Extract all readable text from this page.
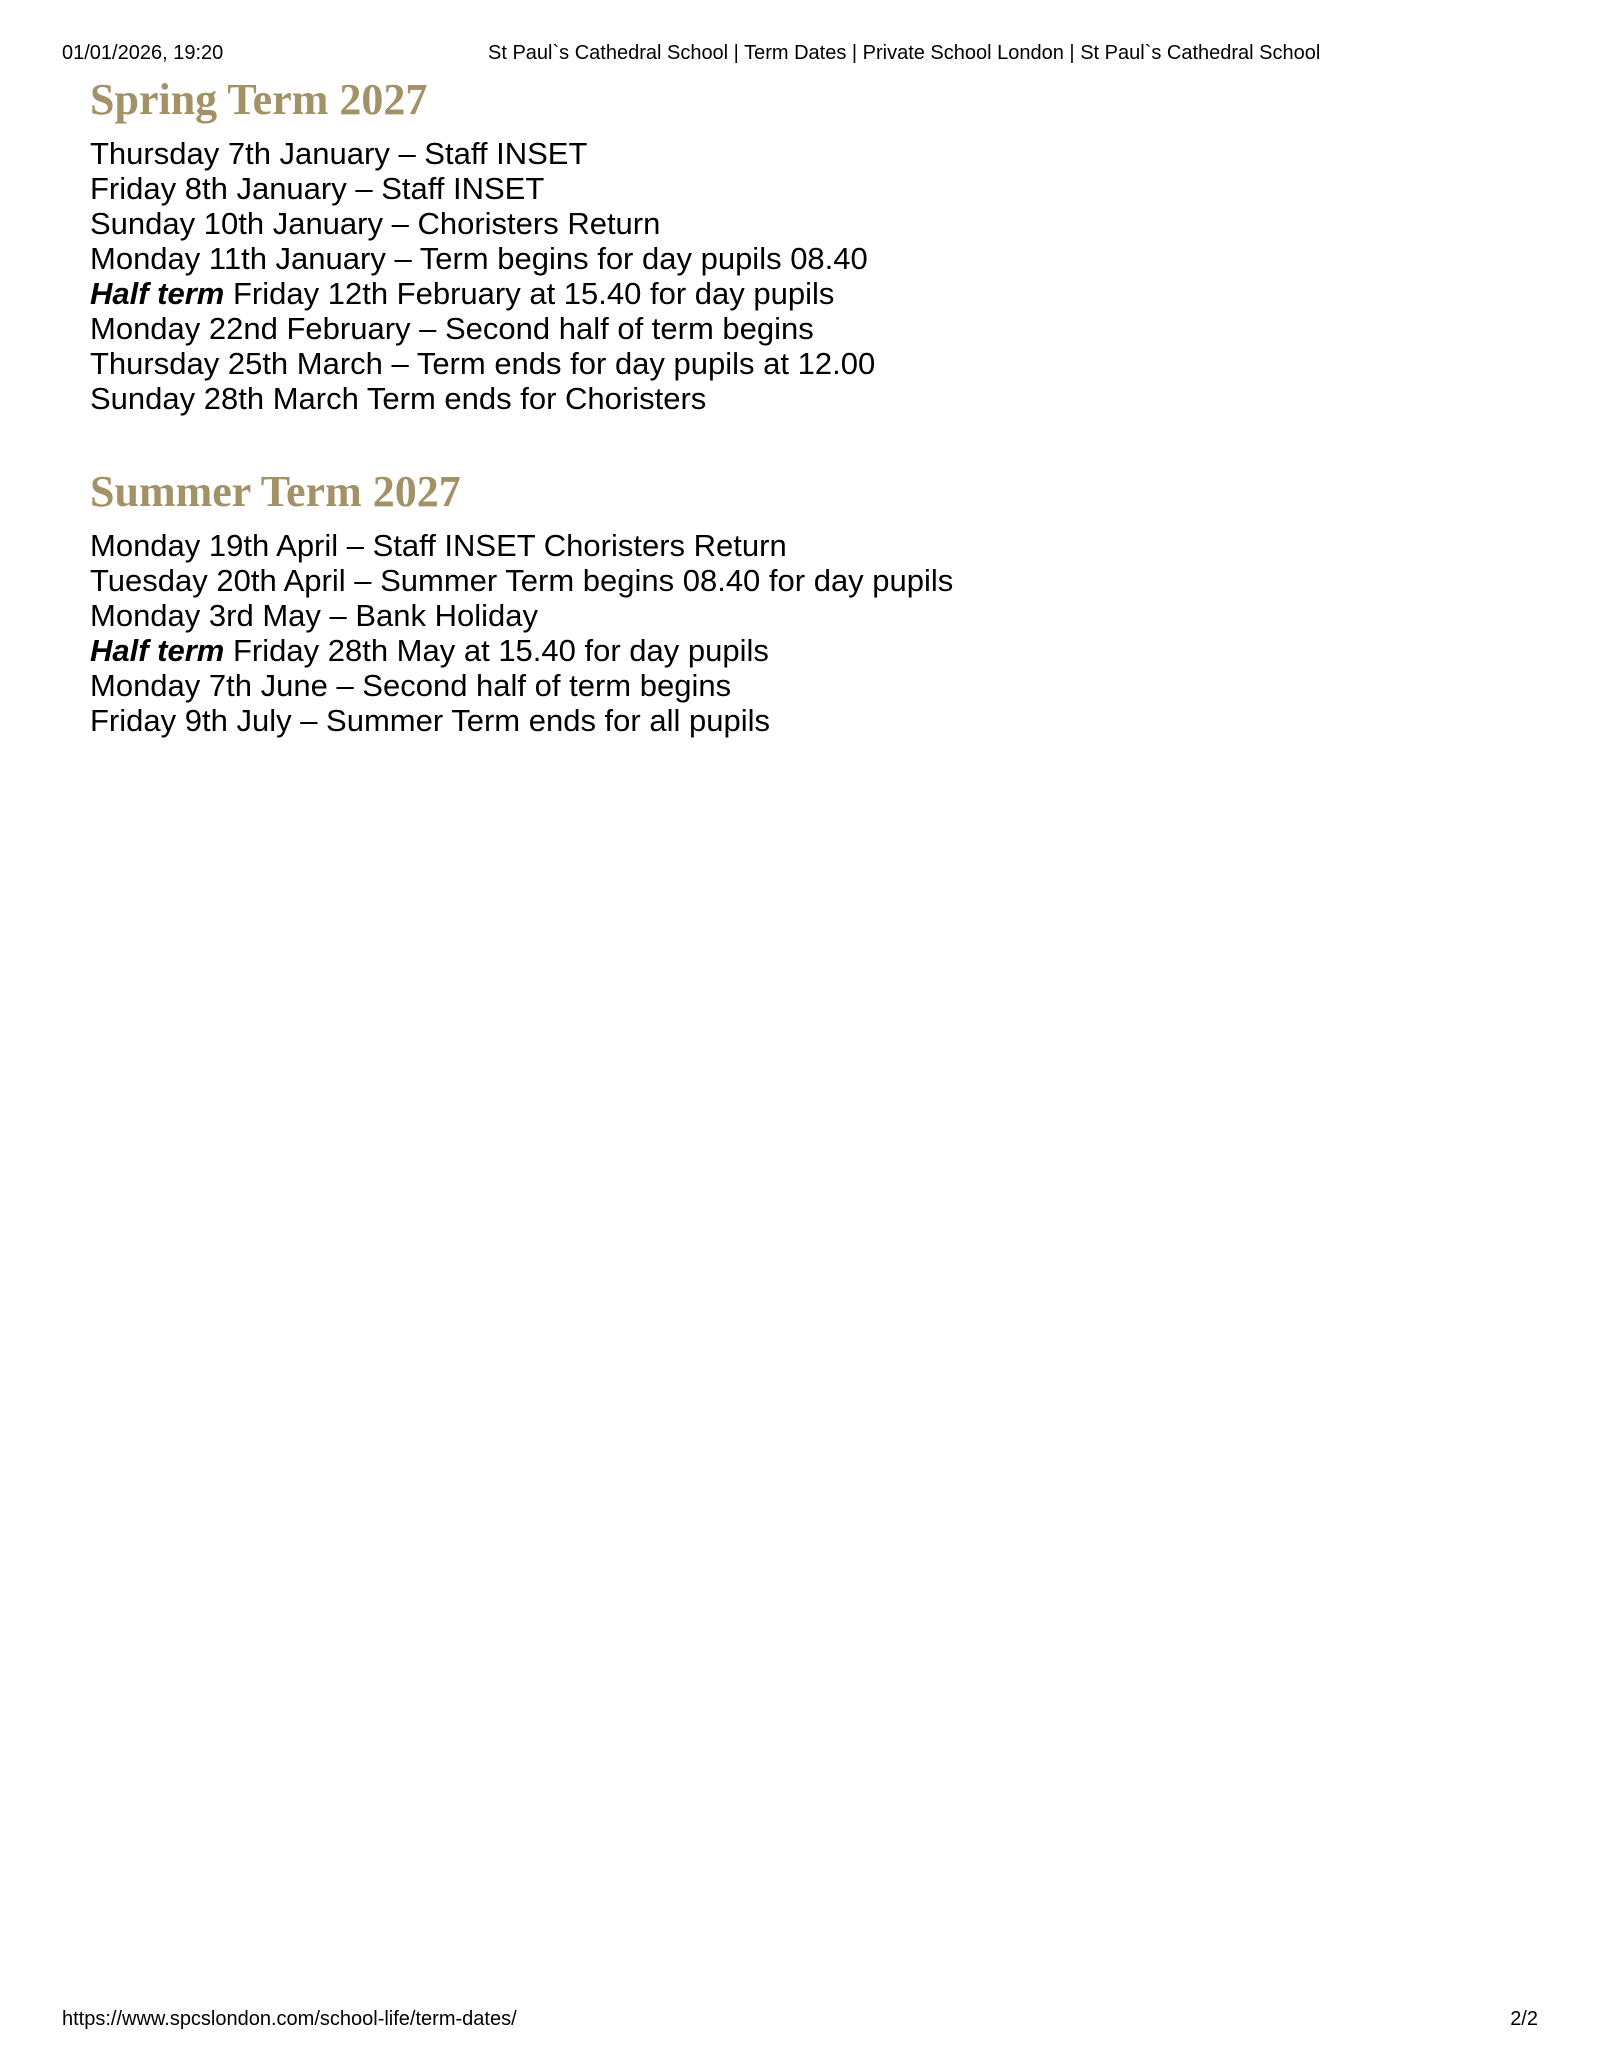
01/01/2026, 19:20	St Paul`s Cathedral School | Term Dates | Private School London | St Paul`s Cathedral School
Spring Term 2027
Thursday 7th January – Staff INSET
Friday 8th January – Staff INSET
Sunday 10th January – Choristers Return
Monday 11th January – Term begins for day pupils 08.40
Half term Friday 12th February at 15.40 for day pupils
Monday 22nd February – Second half of term begins
Thursday 25th March – Term ends for day pupils at 12.00
Sunday 28th March Term ends for Choristers
Summer Term 2027
Monday 19th April – Staff INSET Choristers Return
Tuesday 20th April – Summer Term begins 08.40 for day pupils
Monday 3rd May – Bank Holiday
Half term Friday 28th May at 15.40 for day pupils
Monday 7th June – Second half of term begins
Friday 9th July – Summer Term ends for all pupils
https://www.spcslondon.com/school-life/term-dates/	2/2
